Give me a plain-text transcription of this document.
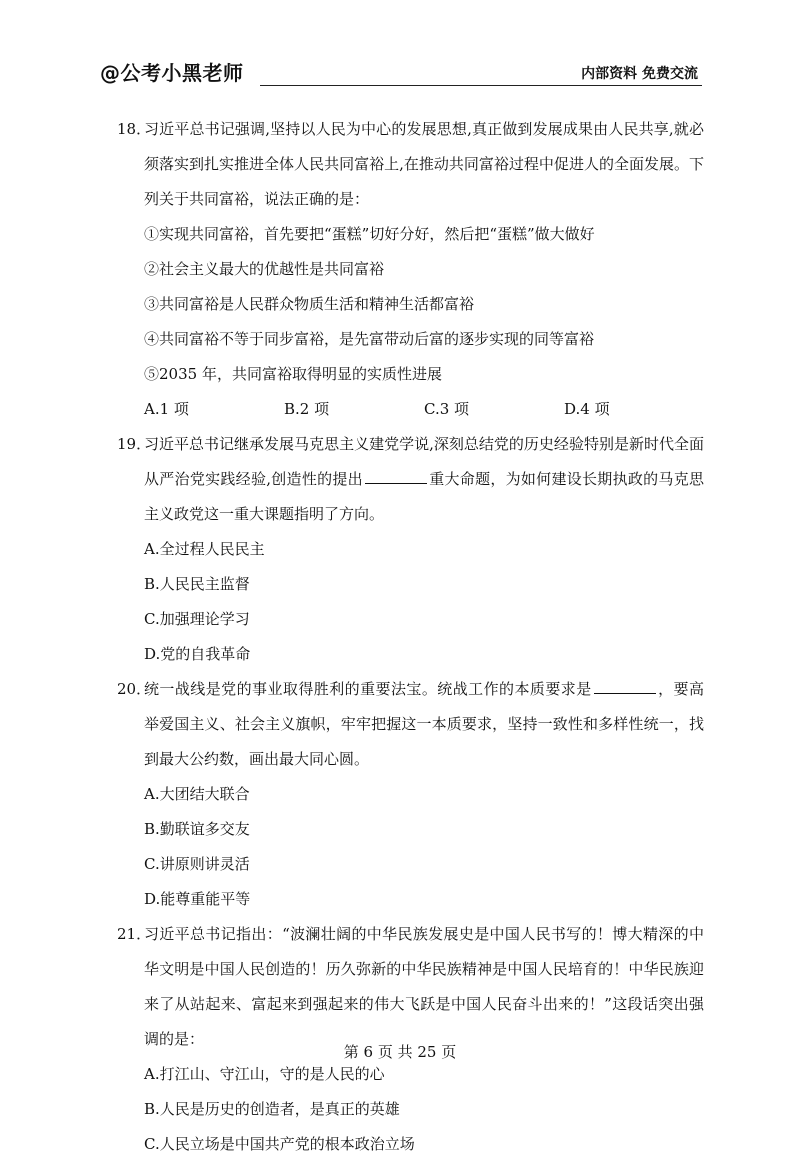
@公考小黑老师	内部资料 免费交流
18．
习近平总书记强调,坚持以人民为中心的发展思想,真正做到发展成果由人民共享,就必须落实到扎实推进全体人民共同富裕上,在推动共同富裕过程中促进人的全面发展。下列关于共同富裕，说法正确的是：
①实现共同富裕，首先要把“蛋糕”切好分好，然后把“蛋糕”做大做好
②社会主义最大的优越性是共同富裕
③共同富裕是人民群众物质生活和精神生活都富裕
④共同富裕不等于同步富裕，是先富带动后富的逐步实现的同等富裕
⑤2035 年，共同富裕取得明显的实质性进展
A.1 项	B.2 项	C.3 项	D.4 项
19．
习近平总书记继承发展马克思主义建党学说,深刻总结党的历史经验特别是新时代全面从严治党实践经验,创造性的提出	重大命题，为如何建设长期执政的马克思主义政党这一重大课题指明了方向。
A.全过程人民民主
B.人民民主监督
C.加强理论学习
D.党的自我革命
20．
统一战线是党的事业取得胜利的重要法宝。统战工作的本质要求是	，要高举爱国主义、社会主义旗帜，牢牢把握这一本质要求，坚持一致性和多样性统一，找到最大公约数，画出最大同心圆。
A.大团结大联合
B.勤联谊多交友
C.讲原则讲灵活
D.能尊重能平等
21．
习近平总书记指出：“波澜壮阔的中华民族发展史是中国人民书写的！博大精深的中华文明是中国人民创造的！历久弥新的中华民族精神是中国人民培育的！中华民族迎来了从站起来、富起来到强起来的伟大飞跃是中国人民奋斗出来的！”这段话突出强调的是：
A.打江山、守江山，守的是人民的心
B.人民是历史的创造者，是真正的英雄
C.人民立场是中国共产党的根本政治立场
第 6 页 共 25 页
